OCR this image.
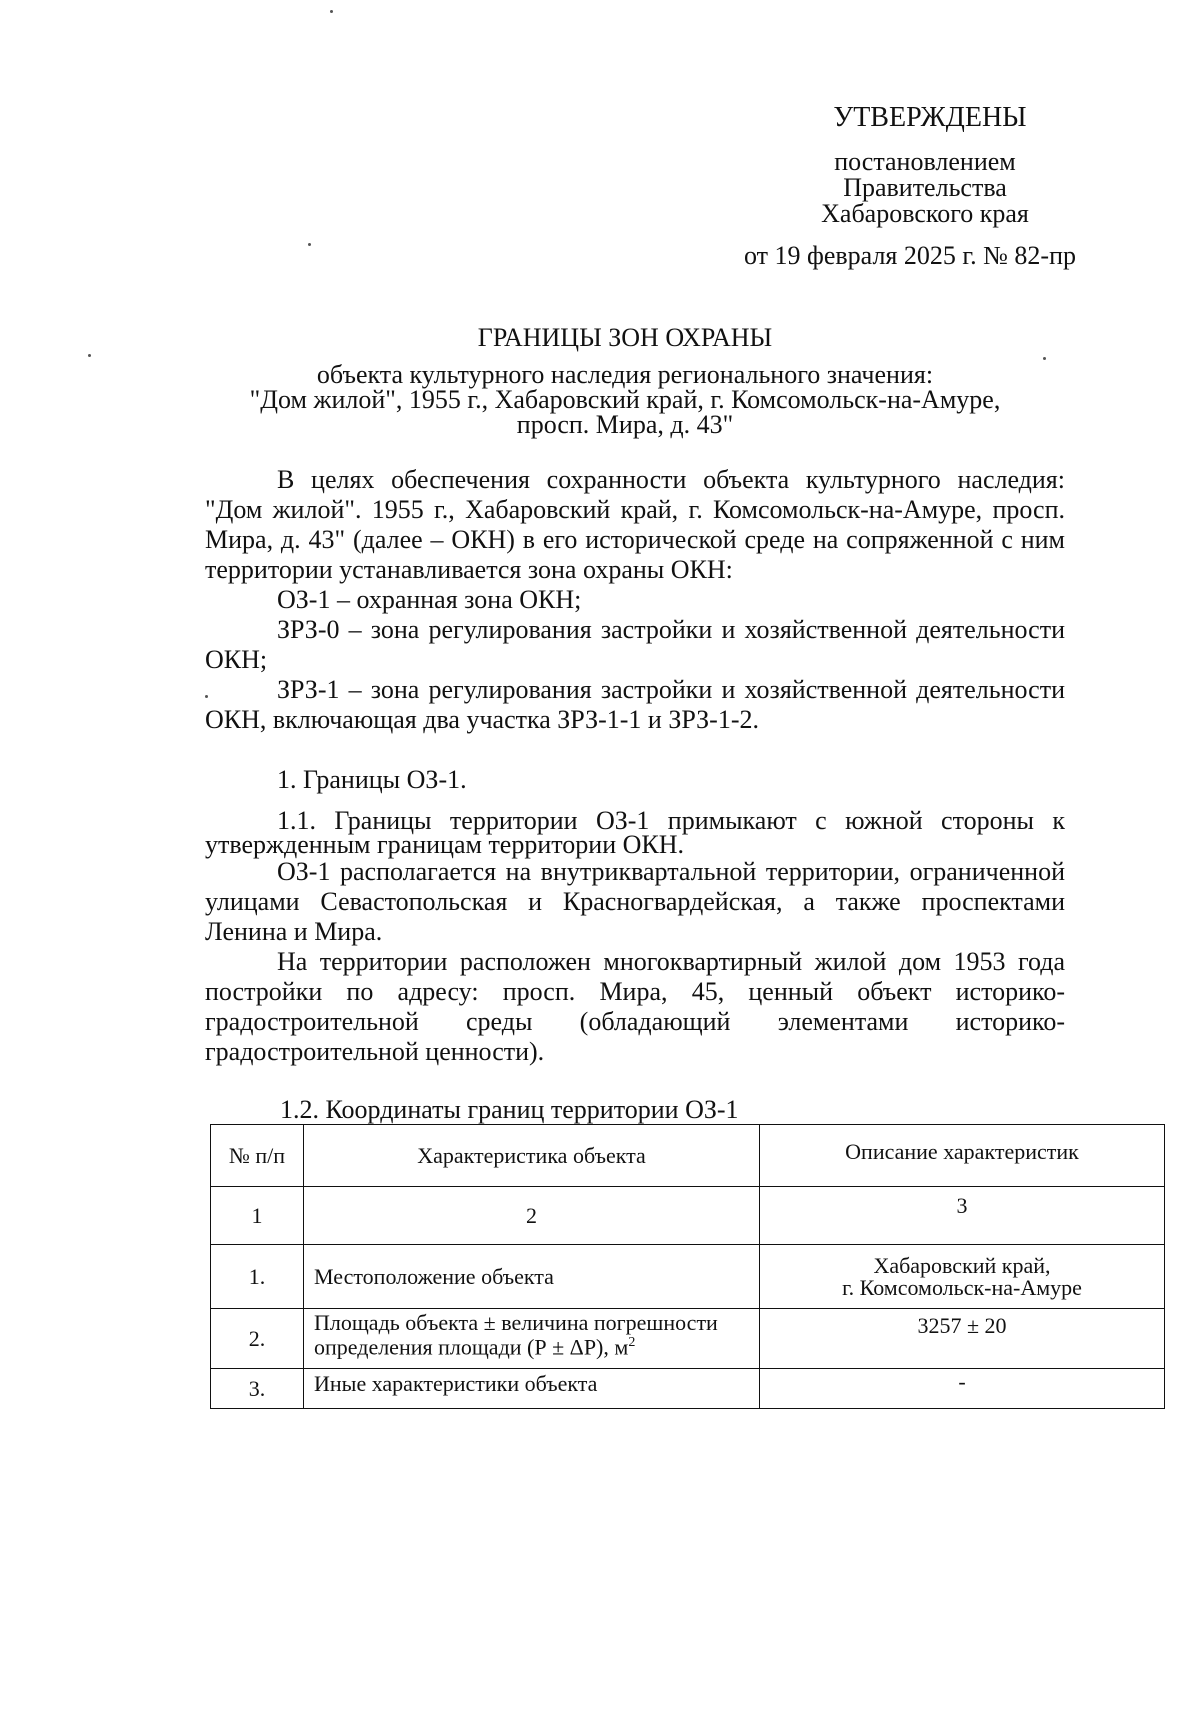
УТВЕРЖДЕНЫ
постановлением
Правительства
Хабаровского края
от 19 февраля 2025 г. № 82-пр
ГРАНИЦЫ ЗОН ОХРАНЫ
объекта культурного наследия регионального значения:
"Дом жилой", 1955 г., Хабаровский край, г. Комсомольск-на-Амуре,
просп. Мира, д. 43"

В целях обеспечения сохранности объекта культурного наследия: "Дом жилой". 1955 г., Хабаровский край, г. Комсомольск-на-Амуре, просп. Мира, д. 43" (далее – ОКН) в его исторической среде на сопряженной с ним территории устанавливается зона охраны ОКН:

ОЗ-1 – охранная зона ОКН;

ЗРЗ-0 – зона регулирования застройки и хозяйственной деятельности ОКН;

ЗРЗ-1 – зона регулирования застройки и хозяйственной деятельности ОКН, включающая два участка ЗРЗ-1-1 и ЗРЗ-1-2.

1. Границы ОЗ-1.

1.1. Границы территории ОЗ-1 примыкают с южной стороны к утвержденным границам территории ОКН.

ОЗ-1 располагается на внутриквартальной территории, ограниченной улицами Севастопольская и Красногвардейская, а также проспектами Ленина и Мира.

На территории расположен многоквартирный жилой дом 1953 года постройки по адресу: просп. Мира, 45, ценный объект историко-градостроительной среды (обладающий элементами историко-градостроительной ценности).

1.2. Координаты границ территории ОЗ-1
№ п/п	Характеристика объекта	Описание характеристик
1	2	3
1.	Местоположение объекта	Хабаровский край,
г. Комсомольск-на-Амуре

2.	Площадь объекта ± величина погрешности
определения площади (Р ± ΔР), $м^2$	3257 ± 20
3.	Иные характеристики объекта	-
